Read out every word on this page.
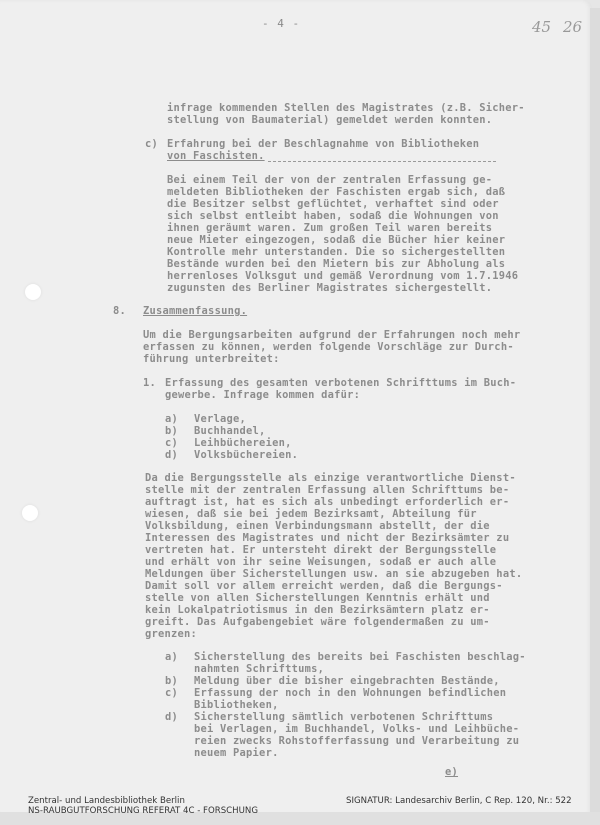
- 4 -	45 26
infrage kommenden Stellen des Magistrates (z.B. Sicher-
stellung von Baumaterial) gemeldet werden konnten.
c) Erfahrung bei der Beschlagnahme von Bibliotheken
von Faschisten.
Bei einem Teil der von der zentralen Erfassung ge-
meldeten Bibliotheken der Faschisten ergab sich, daß
die Besitzer selbst geflüchtet, verhaftet sind oder
sich selbst entleibt haben, sodaß die Wohnungen von
ihnen geräumt waren. Zum großen Teil waren bereits
neue Mieter eingezogen, sodaß die Bücher hier keiner
Kontrolle mehr unterstanden. Die so sichergestellten
Bestände wurden bei den Mietern bis zur Abholung als
herrenloses Volksgut und gemäß Verordnung vom 1.7.1946
zugunsten des Berliner Magistrates sichergestellt.
8. Zusammenfassung.
Um die Bergungsarbeiten aufgrund der Erfahrungen noch mehr
erfassen zu können, werden folgende Vorschläge zur Durch-
führung unterbreitet:
1. Erfassung des gesamten verbotenen Schrifttums im Buch-
gewerbe. Infrage kommen dafür:
a) Verlage,
b) Buchhandel,
c) Leihbüchereien,
d) Volksbüchereien.
Da die Bergungsstelle als einzige verantwortliche Dienst-
stelle mit der zentralen Erfassung allen Schrifttums be-
auftragt ist, hat es sich als unbedingt erforderlich er-
wiesen, daß sie bei jedem Bezirksamt, Abteilung für
Volksbildung, einen Verbindungsmann abstellt, der die
Interessen des Magistrates und nicht der Bezirksämter zu
vertreten hat. Er untersteht direkt der Bergungsstelle
und erhält von ihr seine Weisungen, sodaß er auch alle
Meldungen über Sicherstellungen usw. an sie abzugeben hat.
Damit soll vor allem erreicht werden, daß die Bergungs-
stelle von allen Sicherstellungen Kenntnis erhält und
kein Lokalpatriotismus in den Bezirksämtern platz er-
greift. Das Aufgabengebiet wäre folgendermaßen zu um-
grenzen:
a) Sicherstellung des bereits bei Faschisten beschlag-
nahmten Schrifttums,
b) Meldung über die bisher eingebrachten Bestände,
c) Erfassung der noch in den Wohnungen befindlichen
Bibliotheken,
d) Sicherstellung sämtlich verbotenen Schrifttums
bei Verlagen, im Buchhandel, Volks- und Leihbüche-
reien zwecks Rohstofferfassung und Verarbeitung zu
neuem Papier.
e)
Zentral- und Landesbibliothek Berlin
NS-RAUBGUTFORSCHUNG REFERAT 4C - FORSCHUNG
SIGNATUR: Landesarchiv Berlin, C Rep. 120, Nr.: 522
